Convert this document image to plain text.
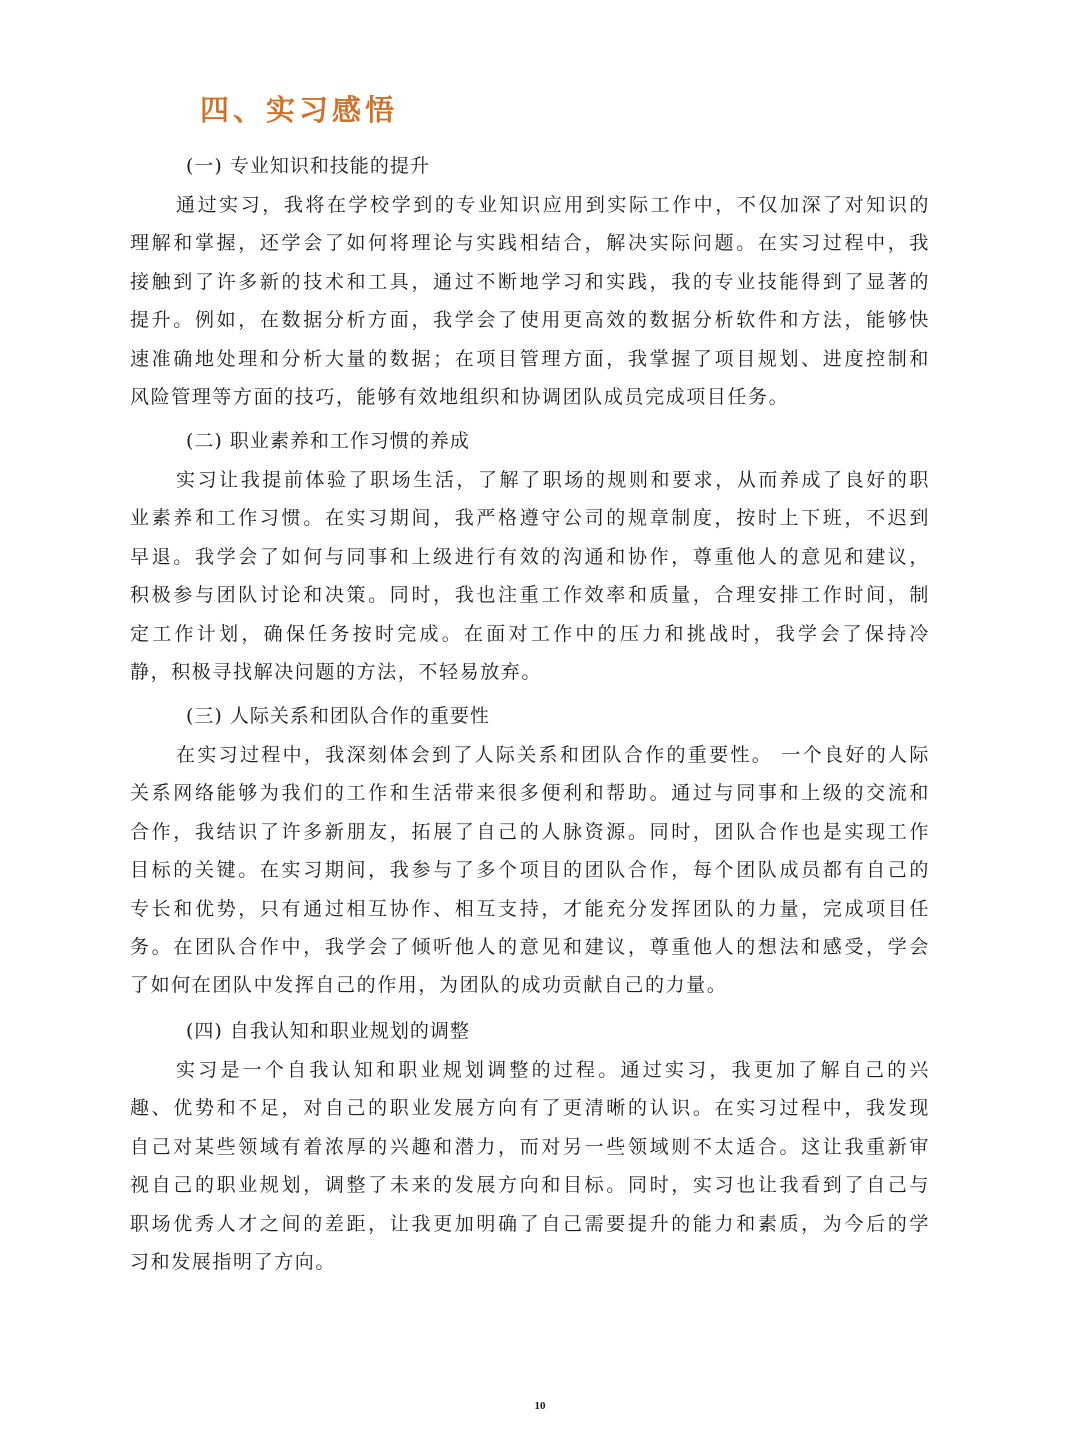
四、实习感悟
(一) 专业知识和技能的提升
通过实习，我将在学校学到的专业知识应用到实际工作中，不仅加深了对知识的
理解和掌握，还学会了如何将理论与实践相结合，解决实际问题。在实习过程中，我
接触到了许多新的技术和工具，通过不断地学习和实践，我的专业技能得到了显著的
提升。例如，在数据分析方面，我学会了使用更高效的数据分析软件和方法，能够快
速准确地处理和分析大量的数据；在项目管理方面，我掌握了项目规划、进度控制和
风险管理等方面的技巧，能够有效地组织和协调团队成员完成项目任务。
(二) 职业素养和工作习惯的养成
实习让我提前体验了职场生活，了解了职场的规则和要求，从而养成了良好的职
业素养和工作习惯。在实习期间，我严格遵守公司的规章制度，按时上下班，不迟到
早退。我学会了如何与同事和上级进行有效的沟通和协作，尊重他人的意见和建议，
积极参与团队讨论和决策。同时，我也注重工作效率和质量，合理安排工作时间，制
定工作计划，确保任务按时完成。在面对工作中的压力和挑战时，我学会了保持冷
静，积极寻找解决问题的方法，不轻易放弃。
(三) 人际关系和团队合作的重要性
在实习过程中，我深刻体会到了人际关系和团队合作的重要性。 一个良好的人际
关系网络能够为我们的工作和生活带来很多便利和帮助。通过与同事和上级的交流和
合作，我结识了许多新朋友，拓展了自己的人脉资源。同时，团队合作也是实现工作
目标的关键。在实习期间，我参与了多个项目的团队合作，每个团队成员都有自己的
专长和优势，只有通过相互协作、相互支持，才能充分发挥团队的力量，完成项目任
务。在团队合作中，我学会了倾听他人的意见和建议，尊重他人的想法和感受，学会
了如何在团队中发挥自己的作用，为团队的成功贡献自己的力量。
(四) 自我认知和职业规划的调整
实习是一个自我认知和职业规划调整的过程。通过实习，我更加了解自己的兴
趣、优势和不足，对自己的职业发展方向有了更清晰的认识。在实习过程中，我发现
自己对某些领域有着浓厚的兴趣和潜力，而对另一些领域则不太适合。这让我重新审
视自己的职业规划，调整了未来的发展方向和目标。同时，实习也让我看到了自己与
职场优秀人才之间的差距，让我更加明确了自己需要提升的能力和素质，为今后的学
习和发展指明了方向。
10
